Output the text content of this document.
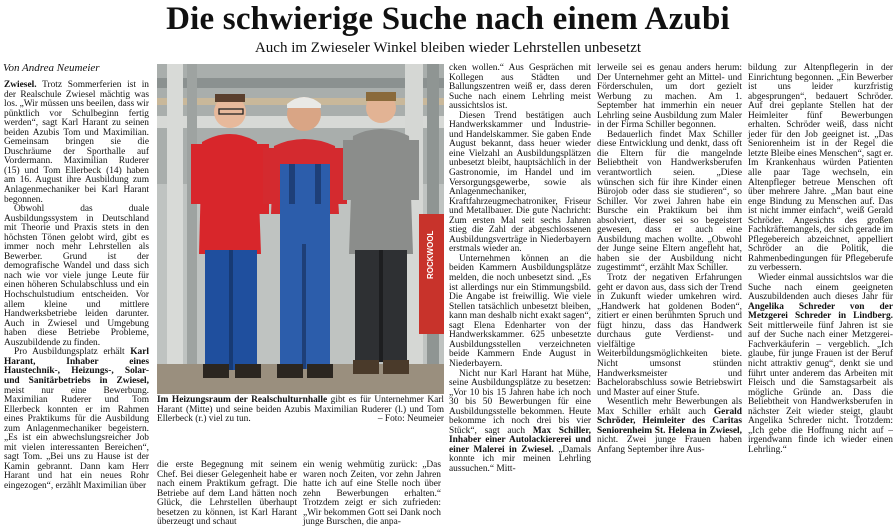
Die schwierige Suche nach einem Azubi
Auch im Zwieseler Winkel bleiben wieder Lehrstellen unbesetzt
Von Andrea Neumeier

Zwiesel. Trotz Sommerferien ist in der Realschule Zwiesel mächtig was los. „Wir müssen uns beeilen, dass wir pünktlich vor Schulbeginn fertig werden“, sagt Karl Harant zu seinen beiden Azubis Tom und Maximilian. Gemeinsam bringen sie die Duschräume der Sporthalle auf Vordermann. Maximilian Ruderer (15) und Tom Ellerbeck (14) haben am 16. August ihre Ausbildung zum Anlagenmechaniker bei Karl Harant begonnen.

Obwohl das duale Ausbildungssystem in Deutschland mit Theorie und Praxis stets in den höchsten Tönen gelobt wird, gibt es immer noch mehr Lehrstellen als Bewerber. Grund ist der demografische Wandel und dass sich nach wie vor viele junge Leute für einen höheren Schulabschluss und ein Hochschulstudium entscheiden. Vor allem kleine und mittlere Handwerksbetriebe leiden darunter. Auch in Zwiesel und Umgebung haben diese Betriebe Probleme, Auszubildende zu finden.

Pro Ausbildungsplatz erhält Karl Harant, Inhaber eines Haustechnik-, Heizungs-, Solar- und Sanitärbetriebs in Zwiesel, meist nur eine Bewerbung. Maximilian Ruderer und Tom Ellerbeck konnten er im Rahmen eines Praktikums für die Ausbildung zum Anlagenmechaniker begeistern. „Es ist ein abwechslungsreicher Job mit vielen interessanten Bereichen“, sagt Tom. „Bei uns zu Hause ist der Kamin gebrannt. Dann kam Herr Harant und hat ein neues Rohr eingezogen“, erzählt Maximilian über

ROCKWOOL
Im Heizungsraum der Realschulturnhalle gibt es für Unternehmer Karl Harant (Mitte) und seine beiden Azubis Maximilian Ruderer (l.) und Tom Ellerbeck (r.) viel zu tun.	– Foto: Neumeier

die erste Begegnung mit seinem Chef. Bei dieser Gelegenheit habe er nach einem Praktikum gefragt. Die Betriebe auf dem Land hätten noch Glück, die Lehrstellen überhaupt besetzen zu können, ist Karl Harant überzeugt und schaut

ein wenig wehmütig zurück: „Das waren noch Zeiten, vor zehn Jahren hatte ich auf eine Stelle noch über zehn Bewerbungen erhalten.“ Trotzdem zeigt er sich zufrieden: „Wir bekommen Gott sei Dank noch junge Burschen, die anpa-

cken wollen.“ Aus Gesprächen mit Kollegen aus Städten und Ballungszentren weiß er, dass deren Suche nach einem Lehrling meist aussichtslos ist.

Diesen Trend bestätigen auch Handwerkskammer und Industrie- und Handelskammer. Sie gaben Ende August bekannt, dass heuer wieder eine Vielzahl an Ausbildungsplätzen unbesetzt bleibt, hauptsächlich in der Gastronomie, im Handel und im Versorgungsgewerbe, sowie als Anlagenmechaniker, Kraftfahrzeugmechatroniker, Friseur und Metallbauer. Die gute Nachricht: Zum ersten Mal seit sechs Jahren stieg die Zahl der abgeschlossenen Ausbildungsverträge in Niederbayern erstmals wieder an.

Unternehmen können an die beiden Kammern Ausbildungsplätze melden, die noch unbesetzt sind. „Es ist allerdings nur ein Stimmungsbild. Die Angabe ist freiwillig. Wie viele Stellen tatsächlich unbesetzt bleiben, kann man deshalb nicht exakt sagen“, sagt Elena Edenharter von der Handwerkskammer. 625 unbesetzte Ausbildungsstellen verzeichneten beide Kammern Ende August in Niederbayern.

Nicht nur Karl Harant hat Mühe, seine Ausbildungsplätze zu besetzen: „Vor 10 bis 15 Jahren habe ich noch 30 bis 50 Bewerbungen für eine Ausbildungsstelle bekommen. Heute bekomme ich noch drei bis vier Stück“, sagt auch Max Schiller, Inhaber einer Autolackiererei und einer Malerei in Zwiesel. „Damals konnte ich mir meinen Lehrling aussuchen.“ Mitt-

lerweile sei es genau anders herum: Der Unternehmer geht an Mittel- und Förderschulen, um dort gezielt Werbung zu machen. Am 1. September hat immerhin ein neuer Lehrling seine Ausbildung zum Maler in der Firma Schiller begonnen.

Bedauerlich findet Max Schiller diese Entwicklung und denkt, dass oft die Eltern für die mangelnde Beliebtheit von Handwerksberufen verantwortlich seien. „Diese wünschen sich für ihre Kinder einen Bürojob oder dass sie studieren“, so Schiller. Vor zwei Jahren habe ein Bursche ein Praktikum bei ihm absolviert, dieser sei so begeistert gewesen, dass er auch eine Ausbildung machen wollte. „Obwohl der Junge seine Eltern angefleht hat, haben sie der Ausbildung nicht zugestimmt“, erzählt Max Schiller.

Trotz der negativen Erfahrungen geht er davon aus, dass sich der Trend in Zukunft wieder umkehren wird. „Handwerk hat goldenen Boden“, zitiert er einen berühmten Spruch und fügt hinzu, dass das Handwerk durchaus gute Verdienst- und vielfältige Weiterbildungsmöglichkeiten biete. Nicht umsonst stünden Handwerksmeister und Bachelorabschluss sowie Betriebswirt und Master auf einer Stufe.

Wesentlich mehr Bewerbungen als Max Schiller erhält auch Gerald Schröder, Heimleiter des Caritas Seniorenheim St. Helena in Zwiesel, nicht. Zwei junge Frauen haben Anfang September ihre Aus-

bildung zur Altenpflegerin in der Einrichtung begonnen. „Ein Bewerber ist uns leider kurzfristig abgesprungen“, bedauert Schröder. Auf drei geplante Stellen hat der Heimleiter fünf Bewerbungen erhalten. Schröder weiß, dass nicht jeder für den Job geeignet ist. „Das Seniorenheim ist in der Regel die letzte Bleibe eines Menschen“, sagt er. Im Krankenhaus würden Patienten alle paar Tage wechseln, ein Altenpfleger betreue Menschen oft über mehrere Jahre. „Man baut eine enge Bindung zu Menschen auf. Das ist nicht immer einfach“, weiß Gerald Schröder. Angesichts des großen Fachkräftemangels, der sich gerade im Pflegebereich abzeichnet, appelliert Schröder an die Politik, die Rahmenbedingungen für Pflegeberufe zu verbessern.

Wieder einmal aussichtslos war die Suche nach einem geeigneten Auszubildenden auch dieses Jahr für Angelika Schreder von der Metzgerei Schreder in Lindberg. Seit mittlerweile fünf Jahren ist sie auf der Suche nach einer Metzgerei-Fachverkäuferin – vergeblich. „Ich glaube, für junge Frauen ist der Beruf nicht attraktiv genug“, denkt sie und führt unter anderem das Arbeiten mit Fleisch und die Samstagsarbeit als mögliche Gründe an. Dass die Beliebtheit von Handwerksberufen in nächster Zeit wieder steigt, glaubt Angelika Schreder nicht. Trotzdem: „Ich gebe die Hoffnung nicht auf – irgendwann finde ich wieder einen Lehrling.“
